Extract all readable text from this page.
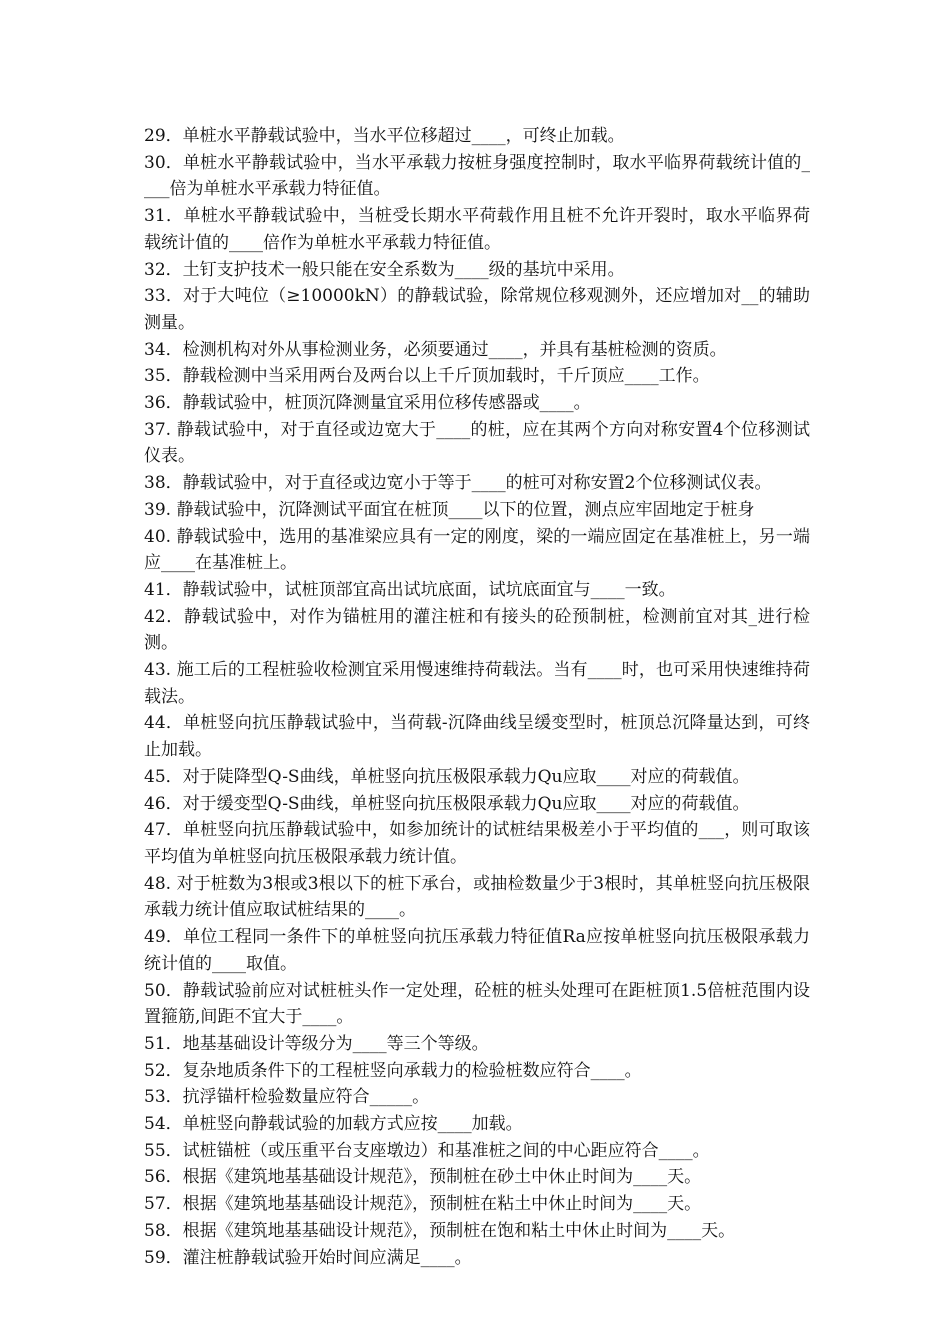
29．单桩水平静载试验中，当水平位移超过____，可终止加载。

30．单桩水平静载试验中，当水平承载力按桩身强度控制时，取水平临界荷载统计值的____倍为单桩水平承载力特征值。

31．单桩水平静载试验中，当桩受长期水平荷载作用且桩不允许开裂时，取水平临界荷载统计值的____倍作为单桩水平承载力特征值。

32．土钉支护技术一般只能在安全系数为____级的基坑中采用。

33．对于大吨位（≥10000kN）的静载试验，除常规位移观测外，还应增加对__的辅助测量。

34．检测机构对外从事检测业务，必须要通过____，并具有基桩检测的资质。

35．静载检测中当采用两台及两台以上千斤顶加载时，千斤顶应____工作。

36．静载试验中，桩顶沉降测量宜采用位移传感器或____。

37. 静载试验中，对于直径或边宽大于____的桩，应在其两个方向对称安置4个位移测试仪表。

38．静载试验中，对于直径或边宽小于等于____的桩可对称安置2个位移测试仪表。

39. 静载试验中，沉降测试平面宜在桩顶____以下的位置，测点应牢固地定于桩身

40. 静载试验中，选用的基准梁应具有一定的刚度，梁的一端应固定在基准桩上，另一端应____在基准桩上。

41．静载试验中，试桩顶部宜高出试坑底面，试坑底面宜与____一致。

42．静载试验中，对作为锚桩用的灌注桩和有接头的砼预制桩，检测前宜对其_进行检测。

43. 施工后的工程桩验收检测宜采用慢速维持荷载法。当有____时，也可采用快速维持荷载法。

44．单桩竖向抗压静载试验中，当荷载-沉降曲线呈缓变型时，桩顶总沉降量达到，可终止加载。

45．对于陡降型Q-S曲线，单桩竖向抗压极限承载力Qu应取____对应的荷载值。

46．对于缓变型Q-S曲线，单桩竖向抗压极限承载力Qu应取____对应的荷载值。

47．单桩竖向抗压静载试验中，如参加统计的试桩结果极差小于平均值的___，则可取该平均值为单桩竖向抗压极限承载力统计值。

48. 对于桩数为3根或3根以下的桩下承台，或抽检数量少于3根时，其单桩竖向抗压极限承载力统计值应取试桩结果的____。

49．单位工程同一条件下的单桩竖向抗压承载力特征值Ra应按单桩竖向抗压极限承载力统计值的____取值。

50．静载试验前应对试桩桩头作一定处理，砼桩的桩头处理可在距桩顶1.5倍桩范围内设置箍筋,间距不宜大于____。

51．地基基础设计等级分为____等三个等级。

52．复杂地质条件下的工程桩竖向承载力的检验桩数应符合____。

53．抗浮锚杆检验数量应符合_____。

54．单桩竖向静载试验的加载方式应按____加载。

55．试桩锚桩（或压重平台支座墩边）和基准桩之间的中心距应符合____。

56．根据《建筑地基基础设计规范》，预制桩在砂土中休止时间为____天。

57．根据《建筑地基基础设计规范》，预制桩在粘土中休止时间为____天。

58．根据《建筑地基基础设计规范》，预制桩在饱和粘土中休止时间为____天。

59．灌注桩静载试验开始时间应满足____。
